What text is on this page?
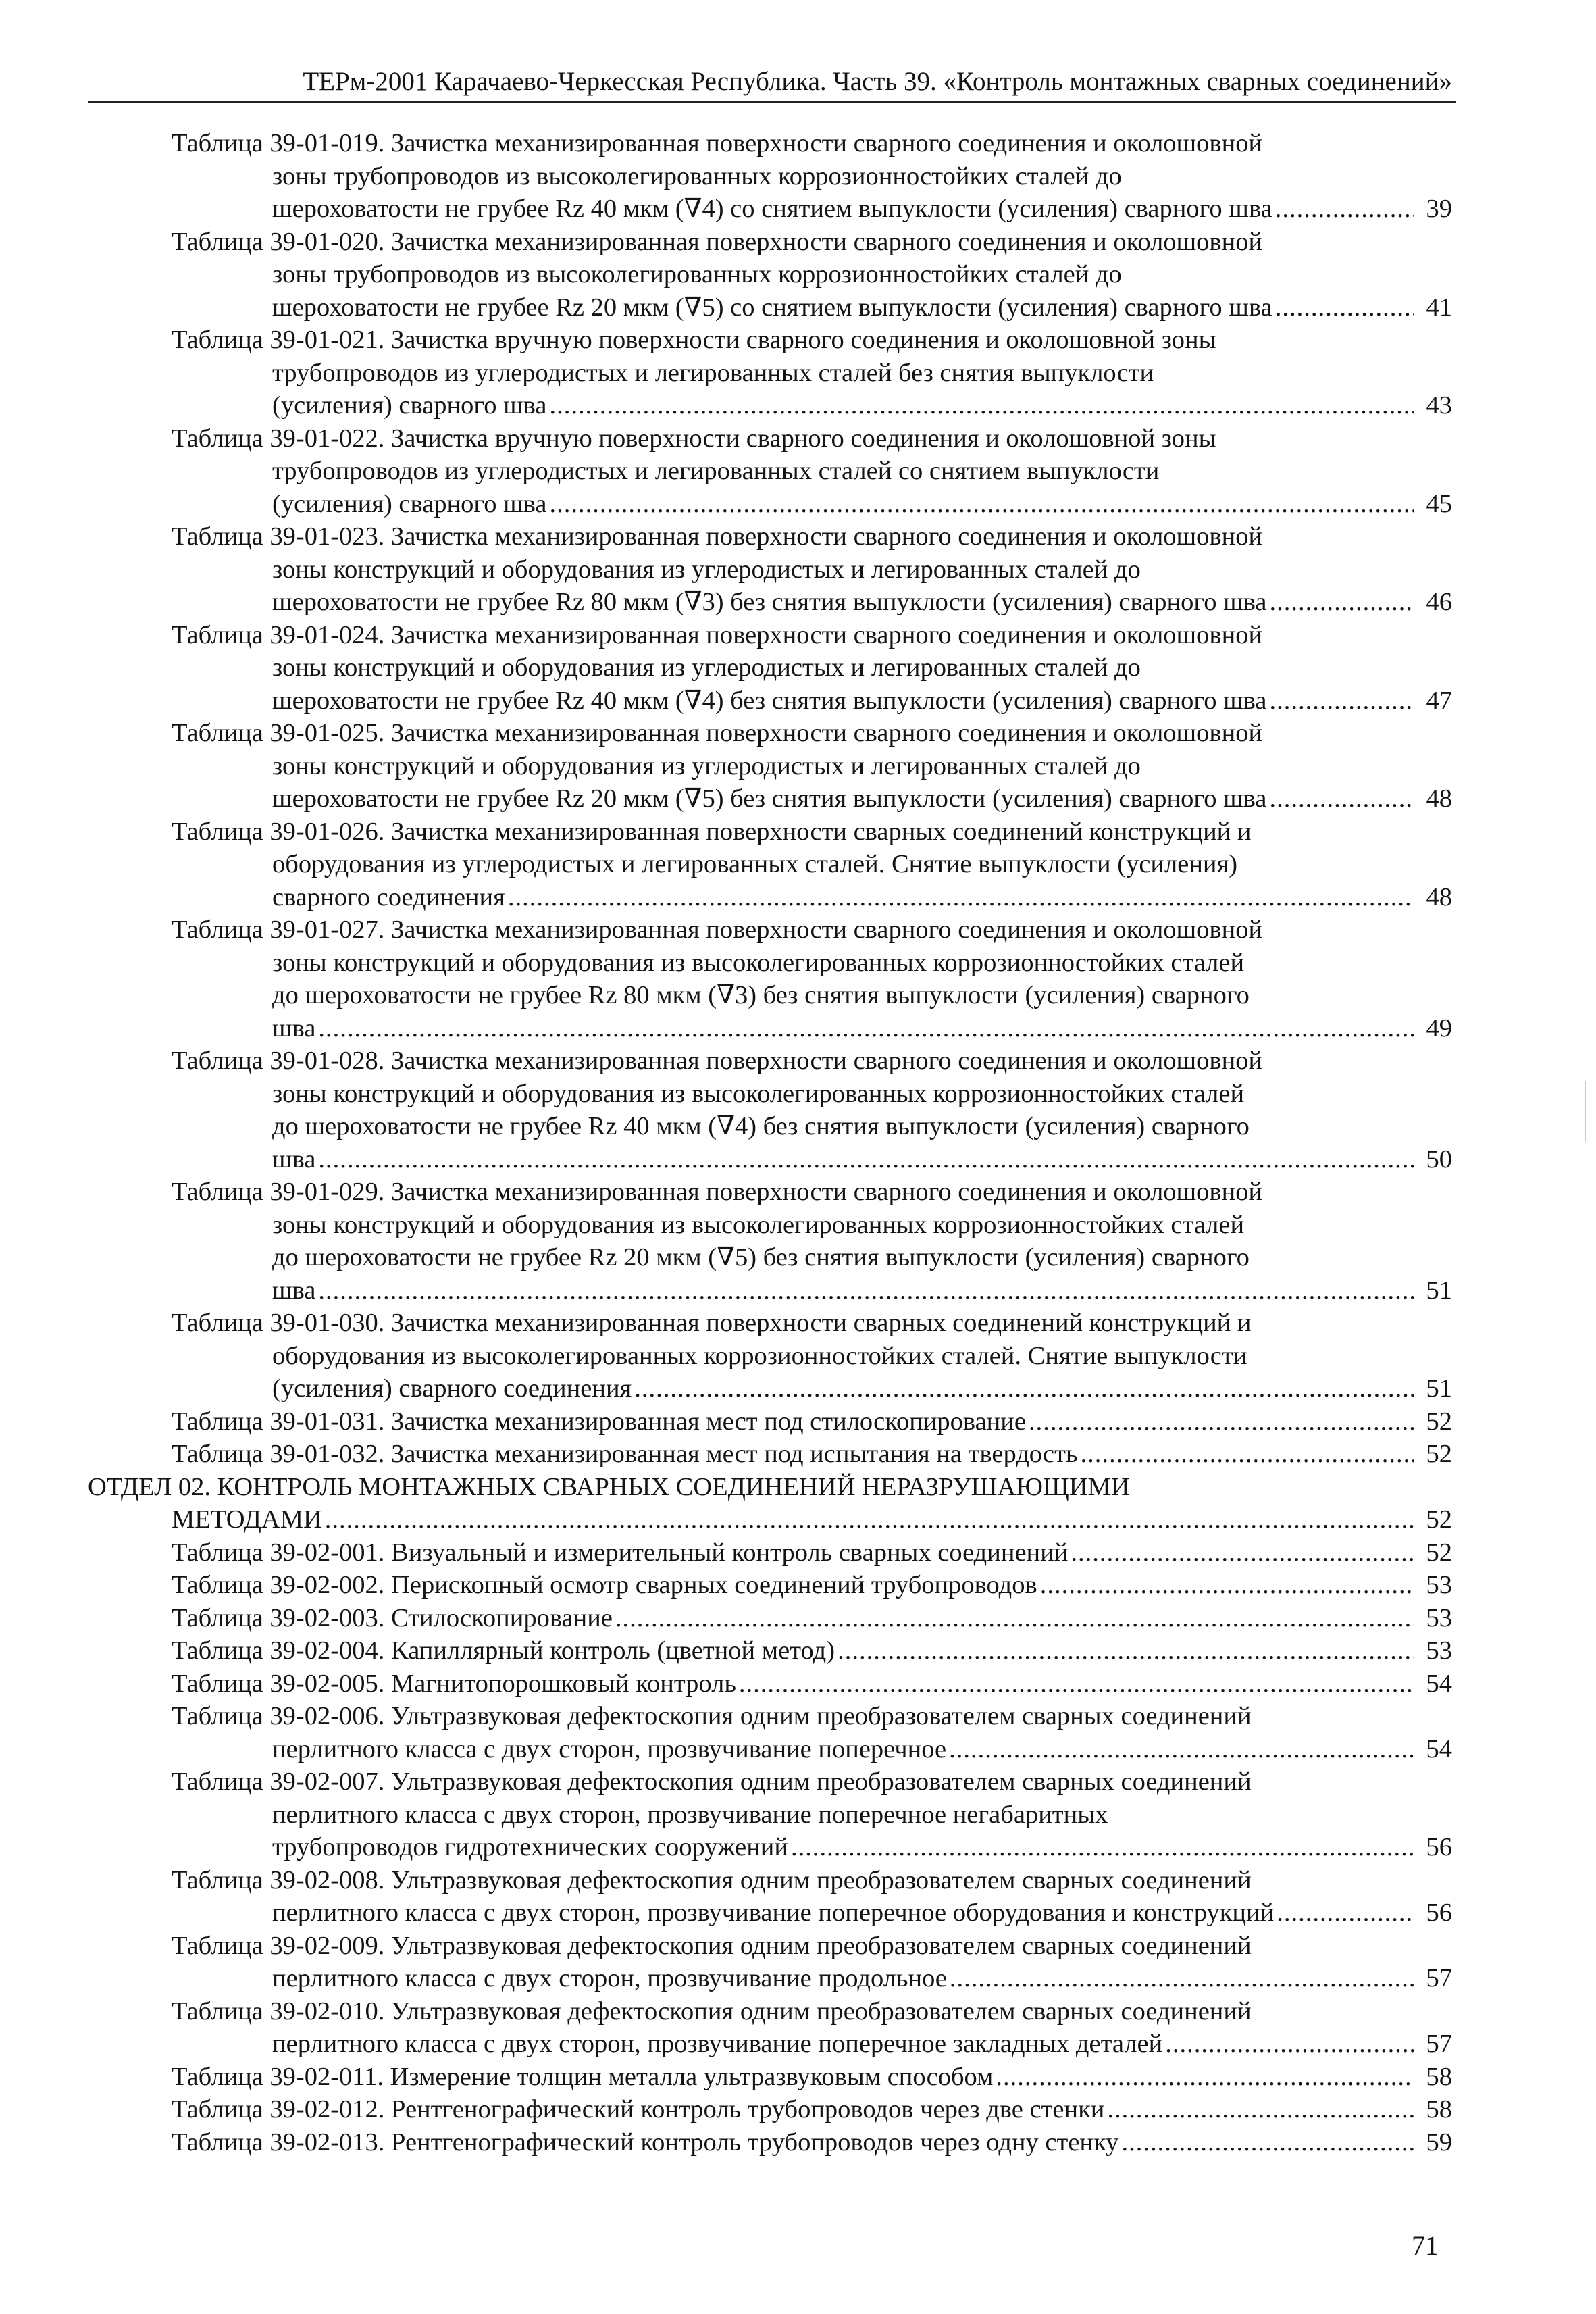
ТЕРм-2001 Карачаево-Черкесская Республика. Часть 39. «Контроль монтажных сварных соединений»
Таблица 39-01-019. Зачистка механизированная поверхности сварного соединения и околошовной
зоны трубопроводов из высоколегированных коррозионностойких сталей до
шероховатости не грубее Rz 40 мкм (∇4) со снятием выпуклости (усиления) сварного шва .....	39
Таблица 39-01-020. Зачистка механизированная поверхности сварного соединения и околошовной
зоны трубопроводов из высоколегированных коррозионностойких сталей до
шероховатости не грубее Rz 20 мкм (∇5) со снятием выпуклости (усиления) сварного шва .....	41
Таблица 39-01-021. Зачистка вручную поверхности сварного соединения и околошовной зоны
трубопроводов из углеродистых и легированных сталей без снятия выпуклости
(усиления) сварного шва .....	43
Таблица 39-01-022. Зачистка вручную поверхности сварного соединения и околошовной зоны
трубопроводов из углеродистых и легированных сталей со снятием выпуклости
(усиления) сварного шва .....	45
Таблица 39-01-023. Зачистка механизированная поверхности сварного соединения и околошовной
зоны конструкций и оборудования из углеродистых и легированных сталей до
шероховатости не грубее Rz 80 мкм (∇3) без снятия выпуклости (усиления) сварного шва .....	46
Таблица 39-01-024. Зачистка механизированная поверхности сварного соединения и околошовной
зоны конструкций и оборудования из углеродистых и легированных сталей до
шероховатости не грубее Rz 40 мкм (∇4) без снятия выпуклости (усиления) сварного шва .....	47
Таблица 39-01-025. Зачистка механизированная поверхности сварного соединения и околошовной
зоны конструкций и оборудования из углеродистых и легированных сталей до
шероховатости не грубее Rz 20 мкм (∇5) без снятия выпуклости (усиления) сварного шва .....	48
Таблица 39-01-026. Зачистка механизированная поверхности сварных соединений конструкций и
оборудования из углеродистых и легированных сталей. Снятие выпуклости (усиления)
сварного соединения .....	48
Таблица 39-01-027. Зачистка механизированная поверхности сварного соединения и околошовной
зоны конструкций и оборудования из высоколегированных коррозионностойких сталей
до шероховатости не грубее Rz 80 мкм (∇3) без снятия выпуклости (усиления) сварного
шва .....	49
Таблица 39-01-028. Зачистка механизированная поверхности сварного соединения и околошовной
зоны конструкций и оборудования из высоколегированных коррозионностойких сталей
до шероховатости не грубее Rz 40 мкм (∇4) без снятия выпуклости (усиления) сварного
шва .....	50
Таблица 39-01-029. Зачистка механизированная поверхности сварного соединения и околошовной
зоны конструкций и оборудования из высоколегированных коррозионностойких сталей
до шероховатости не грубее Rz 20 мкм (∇5) без снятия выпуклости (усиления) сварного
шва .....	51
Таблица 39-01-030. Зачистка механизированная поверхности сварных соединений конструкций и
оборудования из высоколегированных коррозионностойких сталей. Снятие выпуклости
(усиления) сварного соединения .....	51
Таблица 39-01-031. Зачистка механизированная мест под стилоскопирование .....	52
Таблица 39-01-032. Зачистка механизированная мест под испытания на твердость .....	52
ОТДЕЛ 02. КОНТРОЛЬ МОНТАЖНЫХ СВАРНЫХ СОЕДИНЕНИЙ НЕРАЗРУШАЮЩИМИ
МЕТОДАМИ .....	52
Таблица 39-02-001. Визуальный и измерительный контроль сварных соединений .....	52
Таблица 39-02-002. Перископный осмотр сварных соединений трубопроводов .....	53
Таблица 39-02-003. Стилоскопирование .....	53
Таблица 39-02-004. Капиллярный контроль (цветной метод) .....	53
Таблица 39-02-005. Магнитопорошковый контроль .....	54
Таблица 39-02-006. Ультразвуковая дефектоскопия одним преобразователем сварных соединений
перлитного класса с двух сторон, прозвучивание поперечное .....	54
Таблица 39-02-007. Ультразвуковая дефектоскопия одним преобразователем сварных соединений
перлитного класса с двух сторон, прозвучивание поперечное негабаритных
трубопроводов гидротехнических сооружений .....	56
Таблица 39-02-008. Ультразвуковая дефектоскопия одним преобразователем сварных соединений
перлитного класса с двух сторон, прозвучивание поперечное оборудования и конструкций .....	56
Таблица 39-02-009. Ультразвуковая дефектоскопия одним преобразователем сварных соединений
перлитного класса с двух сторон, прозвучивание продольное .....	57
Таблица 39-02-010. Ультразвуковая дефектоскопия одним преобразователем сварных соединений
перлитного класса с двух сторон, прозвучивание поперечное закладных деталей .....	57
Таблица 39-02-011. Измерение толщин металла ультразвуковым способом .....	58
Таблица 39-02-012. Рентгенографический контроль трубопроводов через две стенки .....	58
Таблица 39-02-013. Рентгенографический контроль трубопроводов через одну стенку .....	59
71
